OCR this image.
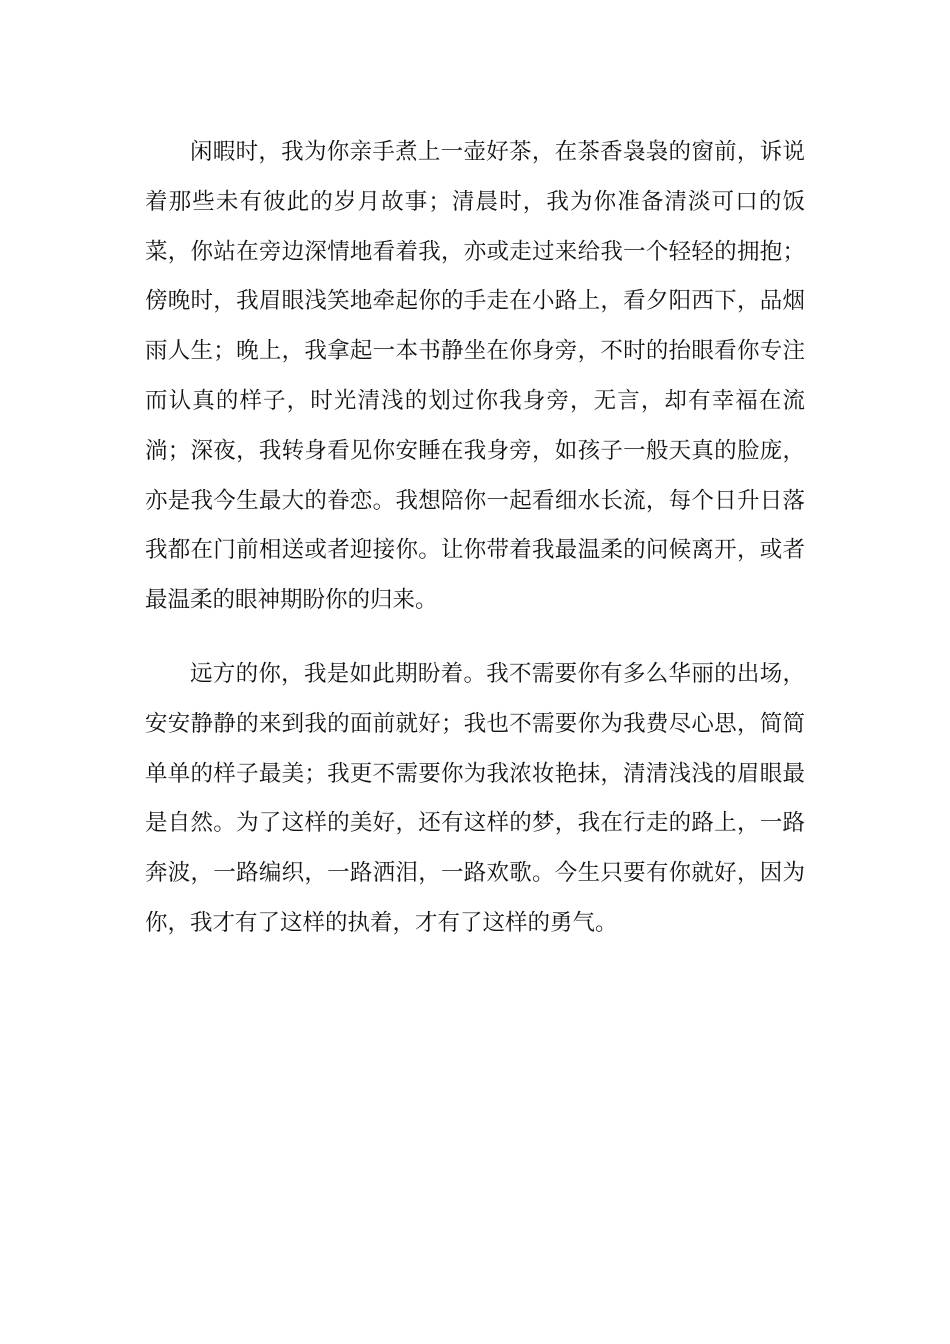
闲暇时，我为你亲手煮上一壶好茶，在茶香袅袅的窗前，诉说着那些未有彼此的岁月故事；清晨时，我为你准备清淡可口的饭菜，你站在旁边深情地看着我，亦或走过来给我一个轻轻的拥抱；傍晚时，我眉眼浅笑地牵起你的手走在小路上，看夕阳西下，品烟雨人生；晚上，我拿起一本书静坐在你身旁，不时的抬眼看你专注而认真的样子，时光清浅的划过你我身旁，无言，却有幸福在流淌；深夜，我转身看见你安睡在我身旁，如孩子一般天真的脸庞，亦是我今生最大的眷恋。我想陪你一起看细水长流，每个日升日落我都在门前相送或者迎接你。让你带着我最温柔的问候离开，或者最温柔的眼神期盼你的归来。

远方的你，我是如此期盼着。我不需要你有多么华丽的出场，安安静静的来到我的面前就好；我也不需要你为我费尽心思，简简单单的样子最美；我更不需要你为我浓妆艳抹，清清浅浅的眉眼最是自然。为了这样的美好，还有这样的梦，我在行走的路上，一路奔波，一路编织，一路洒泪，一路欢歌。今生只要有你就好，因为你，我才有了这样的执着，才有了这样的勇气。
